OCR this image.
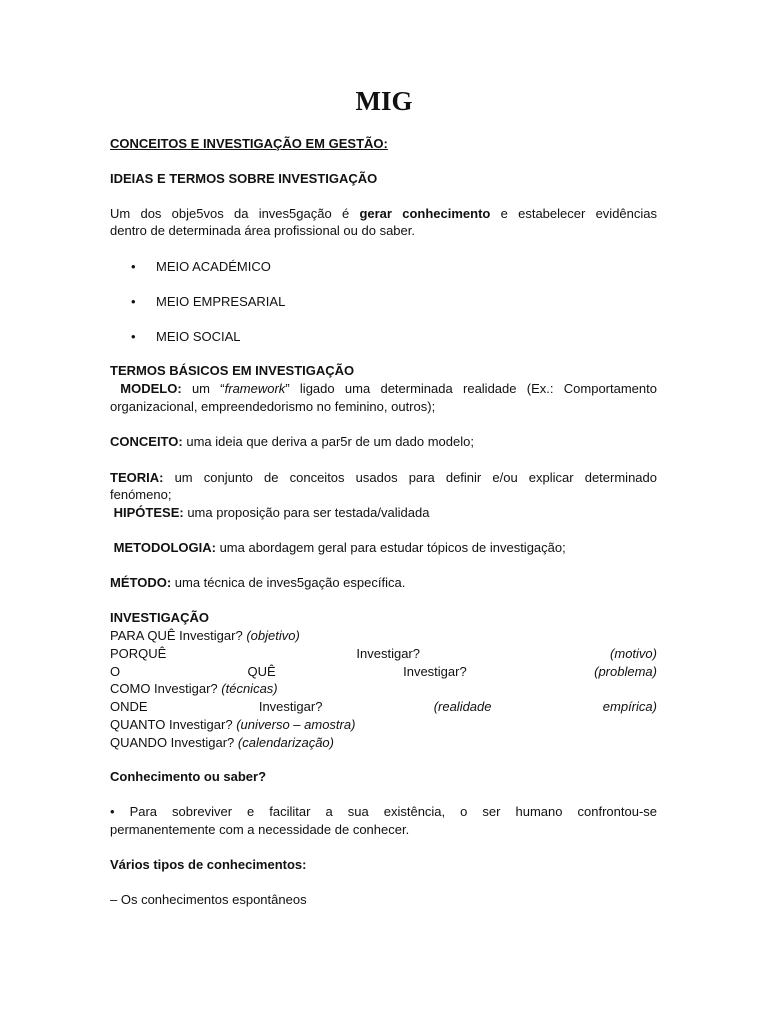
MIG
CONCEITOS E INVESTIGAÇÃO EM GESTÃO:
IDEIAS E TERMOS SOBRE INVESTIGAÇÃO
Um dos obje5vos da inves5gação é gerar conhecimento e estabelecer evidências
dentro de determinada área profissional ou do saber.
• MEIO ACADÉMICO
• MEIO EMPRESARIAL
• MEIO SOCIAL
TERMOS BÁSICOS EM INVESTIGAÇÃO
MODELO: um “framework” ligado uma determinada realidade (Ex.: Comportamento
organizacional, empreendedorismo no feminino, outros);
CONCEITO: uma ideia que deriva a par5r de um dado modelo;
TEORIA: um conjunto de conceitos usados para definir e/ou explicar determinado
fenómeno;
HIPÓTESE: uma proposição para ser testada/validada
METODOLOGIA: uma abordagem geral para estudar tópicos de investigação;
MÉTODO: uma técnica de inves5gação específica.
INVESTIGAÇÃO
PARA QUÊ Investigar? (objetivo)
PORQUÊ	Investigar?	(motivo)
O	QUÊ	Investigar?	(problema)
COMO Investigar? (técnicas)
ONDE	Investigar?	(realidade	empírica)
QUANTO Investigar? (universo – amostra)
QUANDO Investigar? (calendarização)
Conhecimento ou saber?
• Para sobreviver e facilitar a sua existência, o ser humano confrontou-se
permanentemente com a necessidade de conhecer.
Vários tipos de conhecimentos:
– Os conhecimentos espontâneos
